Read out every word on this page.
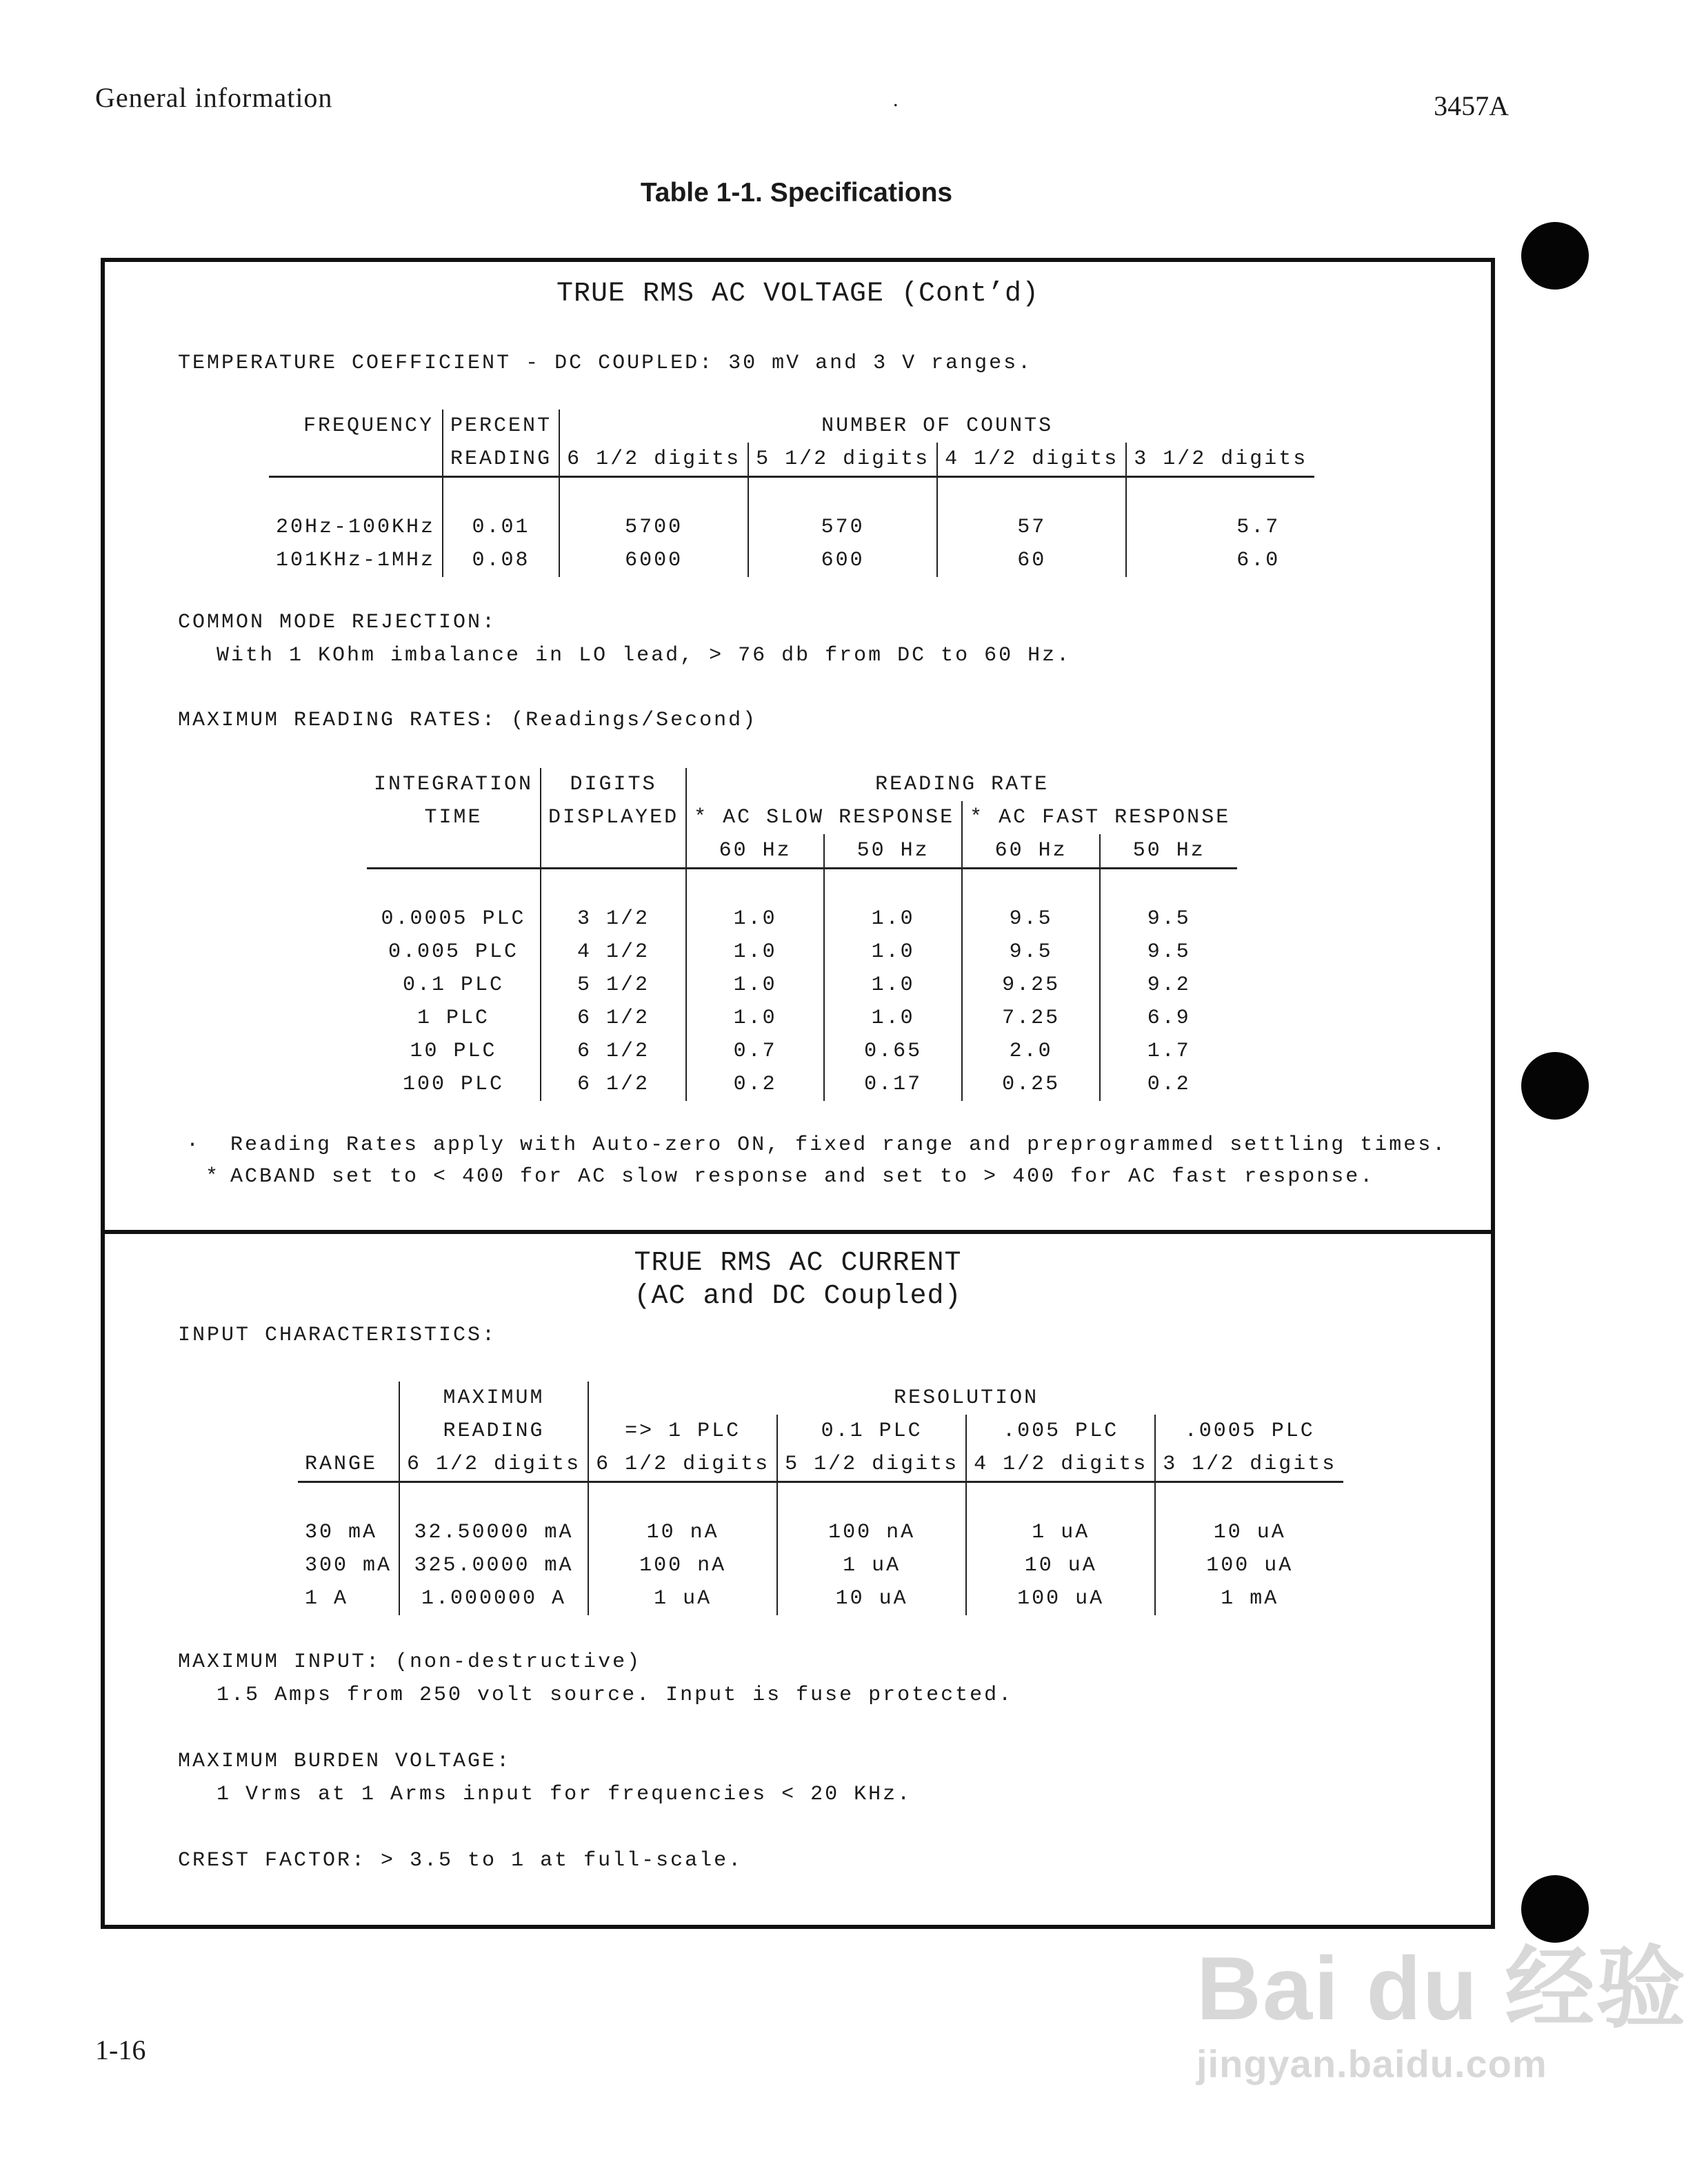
General information	.	3457A
Table 1-1. Specifications
TRUE RMS AC VOLTAGE (Cont’d)
TEMPERATURE COEFFICIENT - DC COUPLED: 30 mV and 3 V ranges.
FREQUENCY	PERCENT	NUMBER OF COUNTS			
	READING	6 1/2 digits	5 1/2 digits	4 1/2 digits	3 1/2 digits

20Hz-100KHz	0.01	5700	570	57	5.7
101KHz-1MHz	0.08	6000	600	60	6.0
COMMON MODE REJECTION:
With 1 KOhm imbalance in LO lead, > 76 db from DC to 60 Hz.
MAXIMUM READING RATES: (Readings/Second)
INTEGRATION	DIGITS	READING RATE			
TIME	DISPLAYED	* AC SLOW RESPONSE		* AC FAST RESPONSE	
		60 Hz	50 Hz	60 Hz	50 Hz

0.0005 PLC	3 1/2	1.0	1.0	9.5	9.5
0.005 PLC	4 1/2	1.0	1.0	9.5	9.5
0.1 PLC	5 1/2	1.0	1.0	9.25	9.2
1 PLC	6 1/2	1.0	1.0	7.25	6.9
10 PLC	6 1/2	0.7	0.65	2.0	1.7
100 PLC	6 1/2	0.2	0.17	0.25	0.2
· Reading Rates apply with Auto-zero ON, fixed range and preprogrammed settling times.
* ACBAND set to < 400 for AC slow response and set to > 400 for AC fast response.
TRUE RMS AC CURRENT
(AC and DC Coupled)
INPUT CHARACTERISTICS:
	MAXIMUM	RESOLUTION			
	READING	=> 1 PLC	0.1 PLC	.005 PLC	.0005 PLC
RANGE	6 1/2 digits	6 1/2 digits	5 1/2 digits	4 1/2 digits	3 1/2 digits

30 mA	32.50000 mA	10 nA	100 nA	1 uA	10 uA
300 mA	325.0000 mA	100 nA	1 uA	10 uA	100 uA
1 A	1.000000 A	1 uA	10 uA	100 uA	1 mA
MAXIMUM INPUT: (non-destructive)
1.5 Amps from 250 volt source. Input is fuse protected.
MAXIMUM BURDEN VOLTAGE:
1 Vrms at 1 Arms input for frequencies < 20 KHz.
CREST FACTOR: > 3.5 to 1 at full-scale.
1-16
Bai du 经验
jingyan.baidu.com
